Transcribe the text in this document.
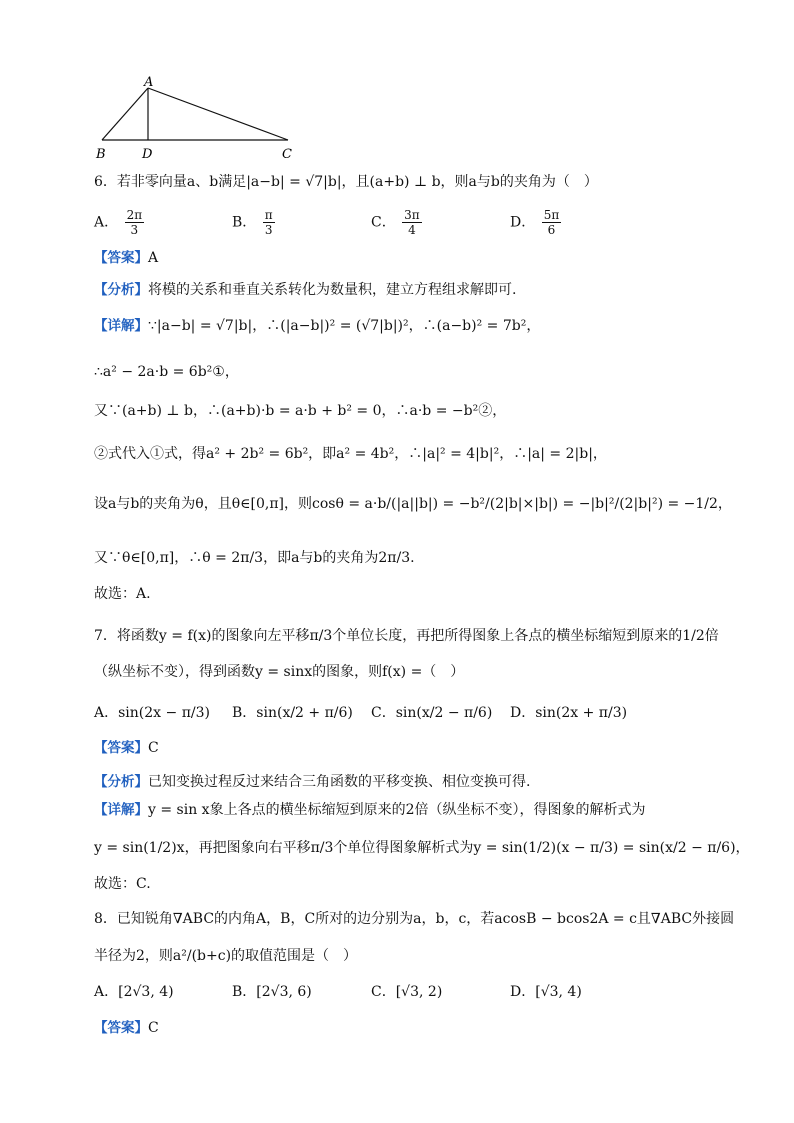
A
B	D	C
6．若非零向量a、b满足|a−b| = √7|b|，且(a+b) ⊥ b，则a与b的夹角为（　）
A． $\frac{2\pi}{3}$	B． $\frac{\pi}{3}$	C． $\frac{3\pi}{4}$	D． $\frac{5\pi}{6}$
【答案】A
【分析】将模的关系和垂直关系转化为数量积，建立方程组求解即可.
【详解】∵|a−b| = √7|b|，∴(|a−b|)² = (√7|b|)²，∴(a−b)² = 7b²，
∴a² − 2a·b = 6b²①，
又∵(a+b) ⊥ b，∴(a+b)·b = a·b + b² = 0，∴a·b = −b²②，
②式代入①式，得a² + 2b² = 6b²，即a² = 4b²，∴|a|² = 4|b|²，∴|a| = 2|b|，
设a与b的夹角为θ，且θ∈[0,π]，则cosθ = a·b/(|a||b|) = −b²/(2|b|×|b|) = −|b|²/(2|b|²) = −1/2，
又∵θ∈[0,π]，∴θ = 2π/3，即a与b的夹角为2π/3.
故选：A.
7．将函数y = f(x)的图象向左平移π/3个单位长度，再把所得图象上各点的横坐标缩短到原来的1/2倍
（纵坐标不变），得到函数y = sinx的图象，则f(x) =（　）
A．sin(2x − π/3) B．sin(x/2 + π/6) C．sin(x/2 − π/6) D．sin(2x + π/3)
【答案】C
【分析】已知变换过程反过来结合三角函数的平移变换、相位变换可得.
【详解】y = sin x象上各点的横坐标缩短到原来的2倍（纵坐标不变），得图象的解析式为
y = sin(1/2)x，再把图象向右平移π/3个单位得图象解析式为y = sin(1/2)(x − π/3) = sin(x/2 − π/6)，
故选：C.
8．已知锐角∇ABC的内角A，B，C所对的边分别为a，b，c，若acosB − bcos2A = c且∇ABC外接圆
半径为2，则a²/(b+c)的取值范围是（　）
A．[2√3, 4)	B．[2√3, 6)	C．[√3, 2)	D．[√3, 4)
【答案】C
